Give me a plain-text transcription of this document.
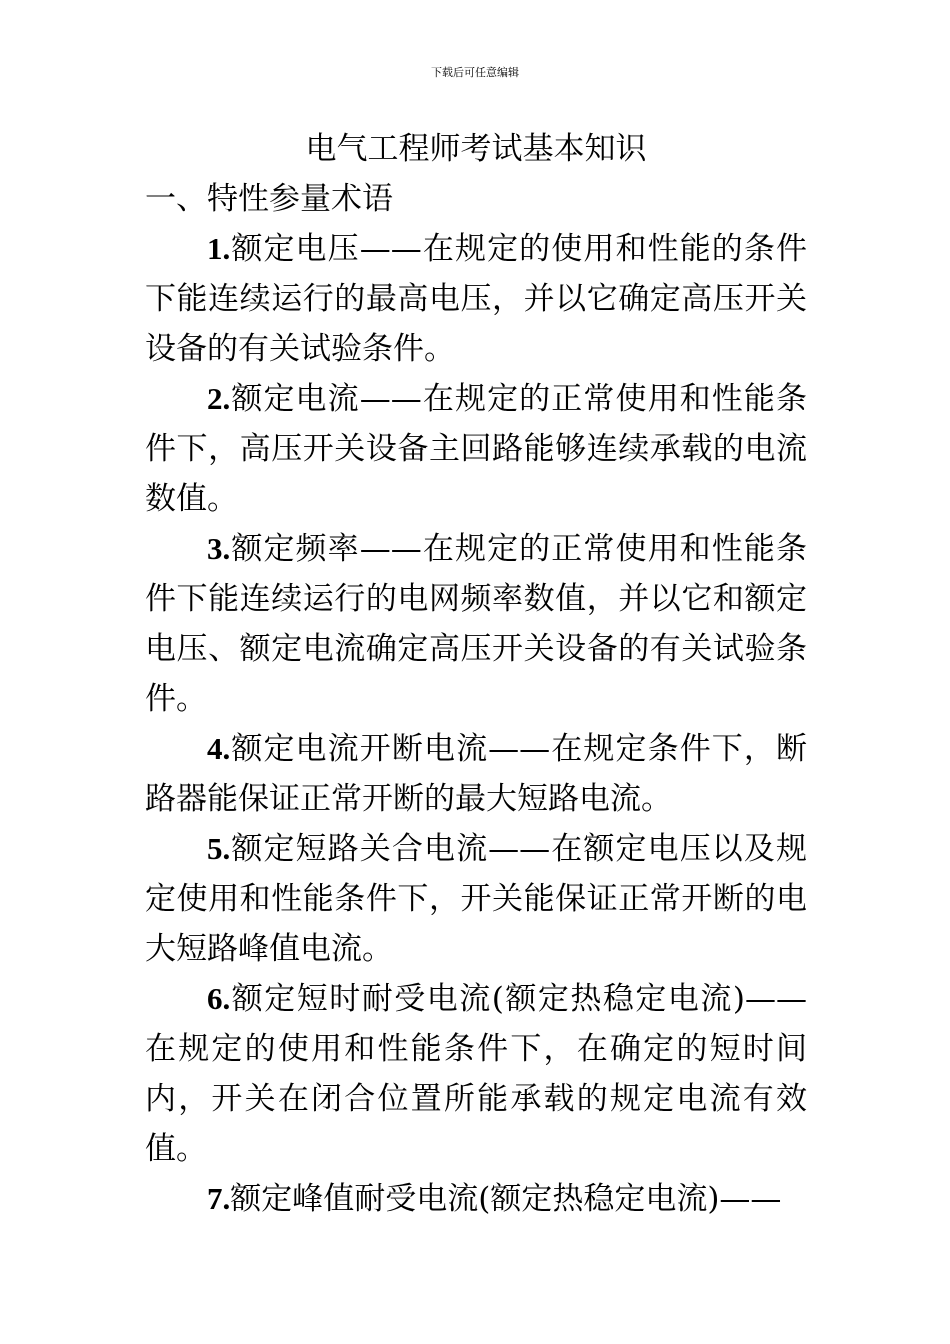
下载后可任意编辑
电气工程师考试基本知识
一、特性参量术语

1.额定电压——在规定的使用和性能的条件下能连续运行的最高电压，并以它确定高压开关设备的有关试验条件。

2.额定电流——在规定的正常使用和性能条件下，高压开关设备主回路能够连续承载的电流数值。

3.额定频率——在规定的正常使用和性能条件下能连续运行的电网频率数值，并以它和额定电压、额定电流确定高压开关设备的有关试验条件。

4.额定电流开断电流——在规定条件下，断路器能保证正常开断的最大短路电流。

5.额定短路关合电流——在额定电压以及规定使用和性能条件下，开关能保证正常开断的电大短路峰值电流。

6.额定短时耐受电流(额定热稳定电流)——在规定的使用和性能条件下，在确定的短时间内，开关在闭合位置所能承载的规定电流有效值。

7.额定峰值耐受电流(额定热稳定电流)——
